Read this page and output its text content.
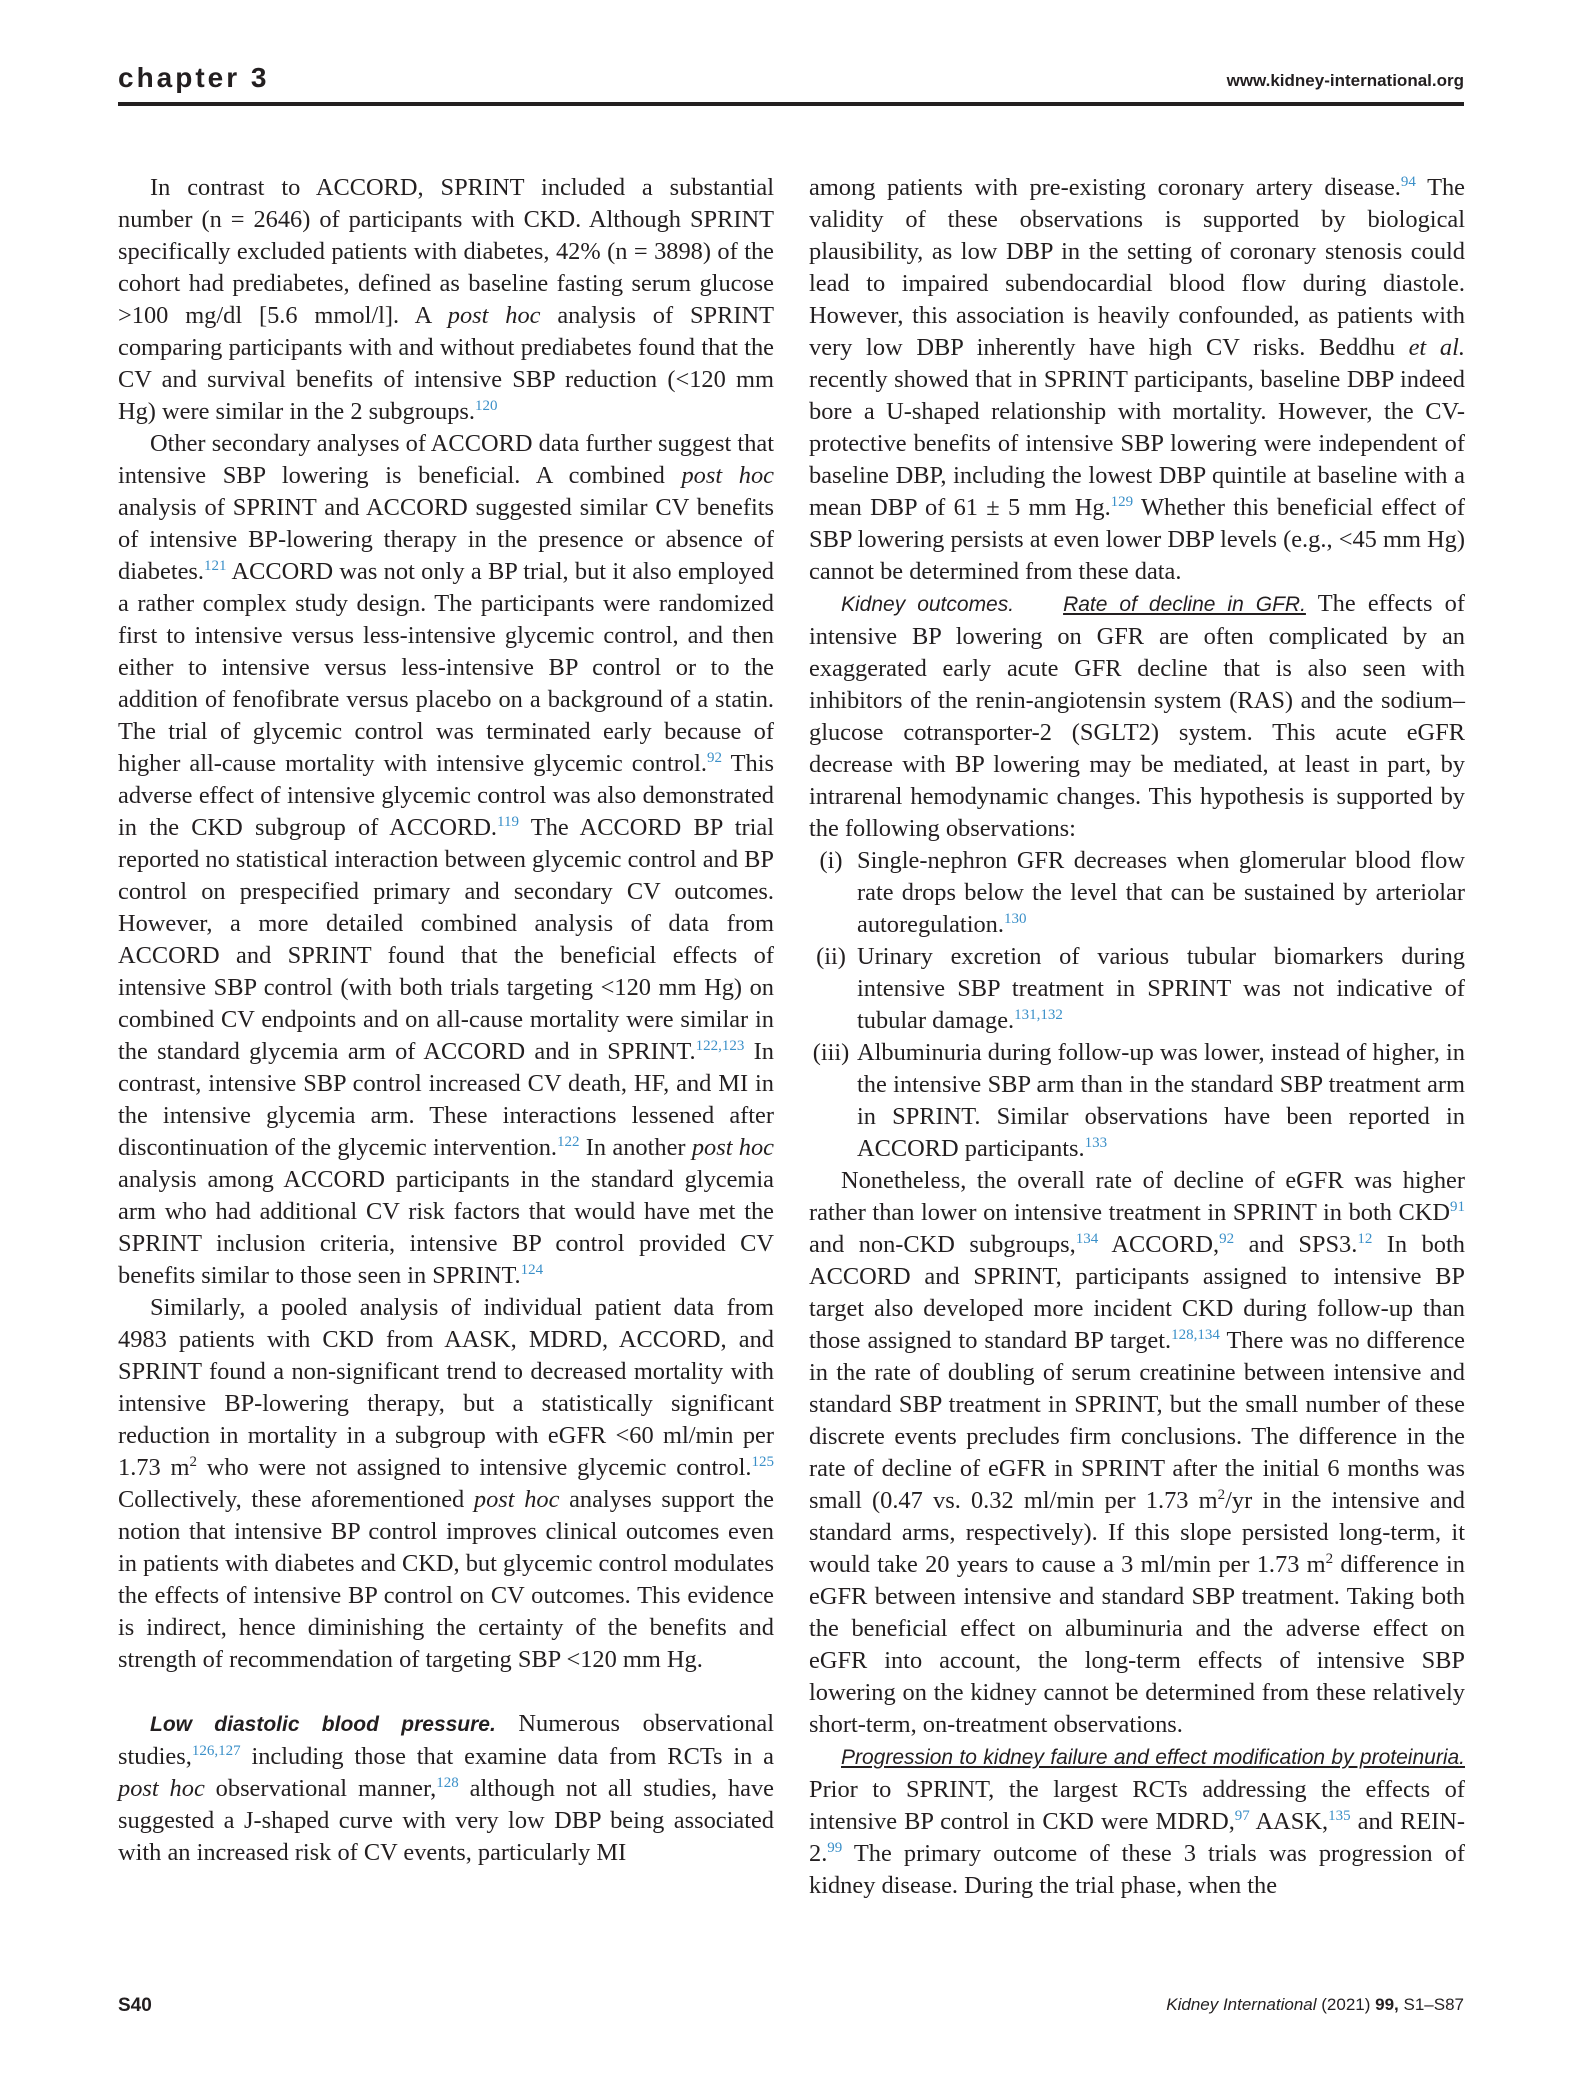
chapter 3	www.kidney-international.org

In contrast to ACCORD, SPRINT included a substantial number (n = 2646) of participants with CKD. Although SPRINT specifically excluded patients with diabetes, 42% (n = 3898) of the cohort had prediabetes, defined as baseline fasting serum glucose >100 mg/dl [5.6 mmol/l]. A post hoc analysis of SPRINT comparing participants with and without prediabetes found that the CV and survival benefits of intensive SBP reduction (<120 mm Hg) were similar in the 2 subgroups.$^{120}$

Other secondary analyses of ACCORD data further suggest that intensive SBP lowering is beneficial. A combined post hoc analysis of SPRINT and ACCORD suggested similar CV benefits of intensive BP-lowering therapy in the presence or absence of diabetes.$^{121}$ ACCORD was not only a BP trial, but it also employed a rather complex study design. The participants were randomized first to intensive versus less-intensive glycemic control, and then either to intensive versus less-intensive BP control or to the addition of fenofibrate versus placebo on a background of a statin. The trial of glycemic control was terminated early because of higher all-cause mortality with intensive glycemic control.$^{92}$ This adverse effect of intensive glycemic control was also demonstrated in the CKD subgroup of ACCORD.$^{119}$ The ACCORD BP trial reported no statistical interaction between glycemic control and BP control on prespecified primary and secondary CV outcomes. However, a more detailed combined analysis of data from ACCORD and SPRINT found that the beneficial effects of intensive SBP control (with both trials targeting <120 mm Hg) on combined CV endpoints and on all-cause mortality were similar in the standard glycemia arm of ACCORD and in SPRINT.$^{122,123}$ In contrast, intensive SBP control increased CV death, HF, and MI in the intensive glycemia arm. These interactions lessened after discontinuation of the glycemic intervention.$^{122}$ In another post hoc analysis among ACCORD participants in the standard glycemia arm who had additional CV risk factors that would have met the SPRINT inclusion criteria, intensive BP control provided CV benefits similar to those seen in SPRINT.$^{124}$

Similarly, a pooled analysis of individual patient data from 4983 patients with CKD from AASK, MDRD, ACCORD, and SPRINT found a non-significant trend to decreased mortality with intensive BP-lowering therapy, but a statistically significant reduction in mortality in a subgroup with eGFR <60 ml/min per 1.73 $m^2$ who were not assigned to intensive glycemic control.$^{125}$ Collectively, these aforementioned post hoc analyses support the notion that intensive BP control improves clinical outcomes even in patients with diabetes and CKD, but glycemic control modulates the effects of intensive BP control on CV outcomes. This evidence is indirect, hence diminishing the certainty of the benefits and strength of recommendation of targeting SBP <120 mm Hg.

Low diastolic blood pressure. Numerous observational studies,$^{126,127}$ including those that examine data from RCTs in a post hoc observational manner,$^{128}$ although not all studies, have suggested a J-shaped curve with very low DBP being associated with an increased risk of CV events, particularly MI

among patients with pre-existing coronary artery disease.$^{94}$ The validity of these observations is supported by biological plausibility, as low DBP in the setting of coronary stenosis could lead to impaired subendocardial blood flow during diastole. However, this association is heavily confounded, as patients with very low DBP inherently have high CV risks. Beddhu et al. recently showed that in SPRINT participants, baseline DBP indeed bore a U-shaped relationship with mortality. However, the CV-protective benefits of intensive SBP lowering were independent of baseline DBP, including the lowest DBP quintile at baseline with a mean DBP of 61 ± 5 mm Hg.$^{129}$ Whether this beneficial effect of SBP lowering persists at even lower DBP levels (e.g., <45 mm Hg) cannot be determined from these data.

Kidney outcomes. Rate of decline in GFR. The effects of intensive BP lowering on GFR are often complicated by an exaggerated early acute GFR decline that is also seen with inhibitors of the renin-angiotensin system (RAS) and the sodium–glucose cotransporter-2 (SGLT2) system. This acute eGFR decrease with BP lowering may be mediated, at least in part, by intrarenal hemodynamic changes. This hypothesis is supported by the following observations:

(i) Single-nephron GFR decreases when glomerular blood flow rate drops below the level that can be sustained by arteriolar autoregulation.$^{130}$
(ii) Urinary excretion of various tubular biomarkers during intensive SBP treatment in SPRINT was not indicative of tubular damage.$^{131,132}$
(iii) Albuminuria during follow-up was lower, instead of higher, in the intensive SBP arm than in the standard SBP treatment arm in SPRINT. Similar observations have been reported in ACCORD participants.$^{133}$

Nonetheless, the overall rate of decline of eGFR was higher rather than lower on intensive treatment in SPRINT in both CKD$^{91}$ and non-CKD subgroups,$^{134}$ ACCORD,$^{92}$ and SPS3.12 In both ACCORD and SPRINT, participants assigned to intensive BP target also developed more incident CKD during follow-up than those assigned to standard BP target.$^{128,134}$ There was no difference in the rate of doubling of serum creatinine between intensive and standard SBP treatment in SPRINT, but the small number of these discrete events precludes firm conclusions. The difference in the rate of decline of eGFR in SPRINT after the initial 6 months was small (0.47 vs. 0.32 ml/min per 1.73 $m^2/yr$ in the intensive and standard arms, respectively). If this slope persisted long-term, it would take 20 years to cause a 3 ml/min per 1.73 $m^2$ difference in eGFR between intensive and standard SBP treatment. Taking both the beneficial effect on albuminuria and the adverse effect on eGFR into account, the long-term effects of intensive SBP lowering on the kidney cannot be determined from these relatively short-term, on-treatment observations.

Progression to kidney failure and effect modification by proteinuria. Prior to SPRINT, the largest RCTs addressing the effects of intensive BP control in CKD were MDRD,$^{97}$ AASK,$^{135}$ and REIN-2.99 The primary outcome of these 3 trials was progression of kidney disease. During the trial phase, when the

S40	Kidney International (2021) 99, S1–S87
